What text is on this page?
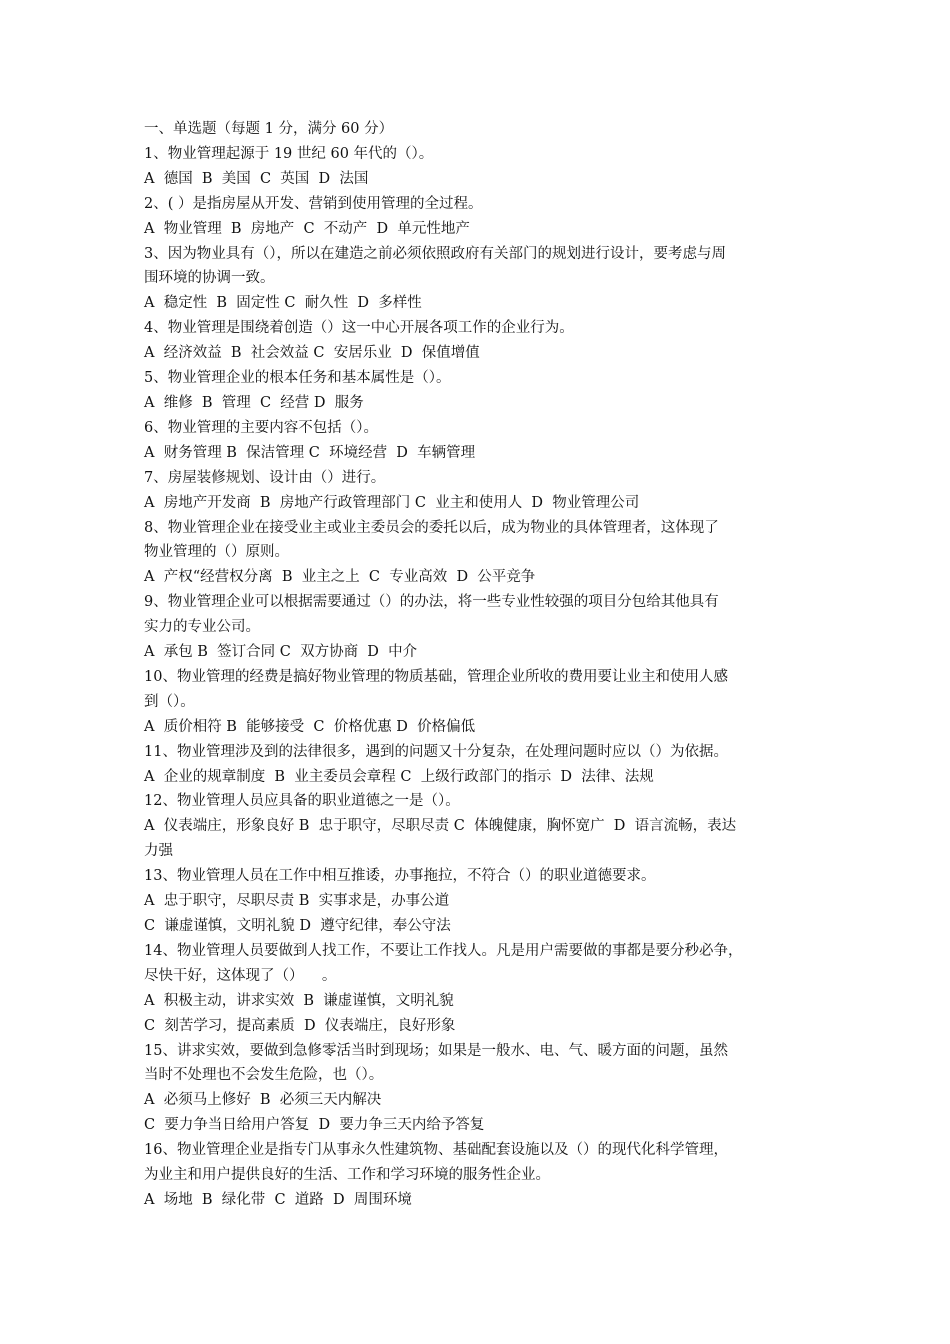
一、单选题（每题 1 分，满分 60 分）
1、物业管理起源于 19 世纪 60 年代的（）。
A  德国  B  美国  C  英国  D  法国
2、( ）是指房屋从开发、营销到使用管理的全过程。
A  物业管理  B  房地产  C  不动产  D  单元性地产
3、因为物业具有（），所以在建造之前必须依照政府有关部门的规划进行设计，要考虑与周
围环境的协调一致。
A  稳定性  B  固定性 C  耐久性  D  多样性
4、物业管理是围绕着创造（）这一中心开展各项工作的企业行为。
A  经济效益  B  社会效益 C  安居乐业  D  保值增值
5、物业管理企业的根本任务和基本属性是（）。
A  维修  B  管理  C  经营 D  服务
6、物业管理的主要内容不包括（）。
A  财务管理 B  保洁管理 C  环境经营  D  车辆管理
7、房屋装修规划、设计由（）进行。
A  房地产开发商  B  房地产行政管理部门 C  业主和使用人  D  物业管理公司
8、物业管理企业在接受业主或业主委员会的委托以后，成为物业的具体管理者，这体现了
物业管理的（）原则。
A  产权“经营权分离  B  业主之上  C  专业高效  D  公平竞争
9、物业管理企业可以根据需要通过（）的办法，将一些专业性较强的项目分包给其他具有
实力的专业公司。
A  承包 B  签订合同 C  双方协商  D  中介
10、物业管理的经费是搞好物业管理的物质基础，管理企业所收的费用要让业主和使用人感
到（）。
A  质价相符 B  能够接受  C  价格优惠 D  价格偏低
11、物业管理涉及到的法律很多，遇到的问题又十分复杂，在处理问题时应以（）为依据。
A  企业的规章制度  B  业主委员会章程 C  上级行政部门的指示  D  法律、法规
12、物业管理人员应具备的职业道德之一是（）。
A  仪表端庄，形象良好 B  忠于职守，尽职尽责 C  体魄健康，胸怀宽广  D  语言流畅，表达
力强
13、物业管理人员在工作中相互推诿，办事拖拉，不符合（）的职业道德要求。
A  忠于职守，尽职尽责 B  实事求是，办事公道
C  谦虚谨慎，文明礼貌 D  遵守纪律，奉公守法
14、物业管理人员要做到人找工作，不要让工作找人。凡是用户需要做的事都是要分秒必争，
尽快干好，这体现了（）    。
A  积极主动，讲求实效  B  谦虚谨慎，文明礼貌
C  刻苦学习，提高素质  D  仪表端庄，良好形象
15、讲求实效，要做到急修零活当时到现场；如果是一般水、电、气、暖方面的问题，虽然
当时不处理也不会发生危险，也（）。
A  必须马上修好  B  必须三天内解决
C  要力争当日给用户答复  D  要力争三天内给予答复
16、物业管理企业是指专门从事永久性建筑物、基础配套设施以及（）的现代化科学管理，
为业主和用户提供良好的生活、工作和学习环境的服务性企业。
A  场地  B  绿化带  C  道路  D  周围环境
